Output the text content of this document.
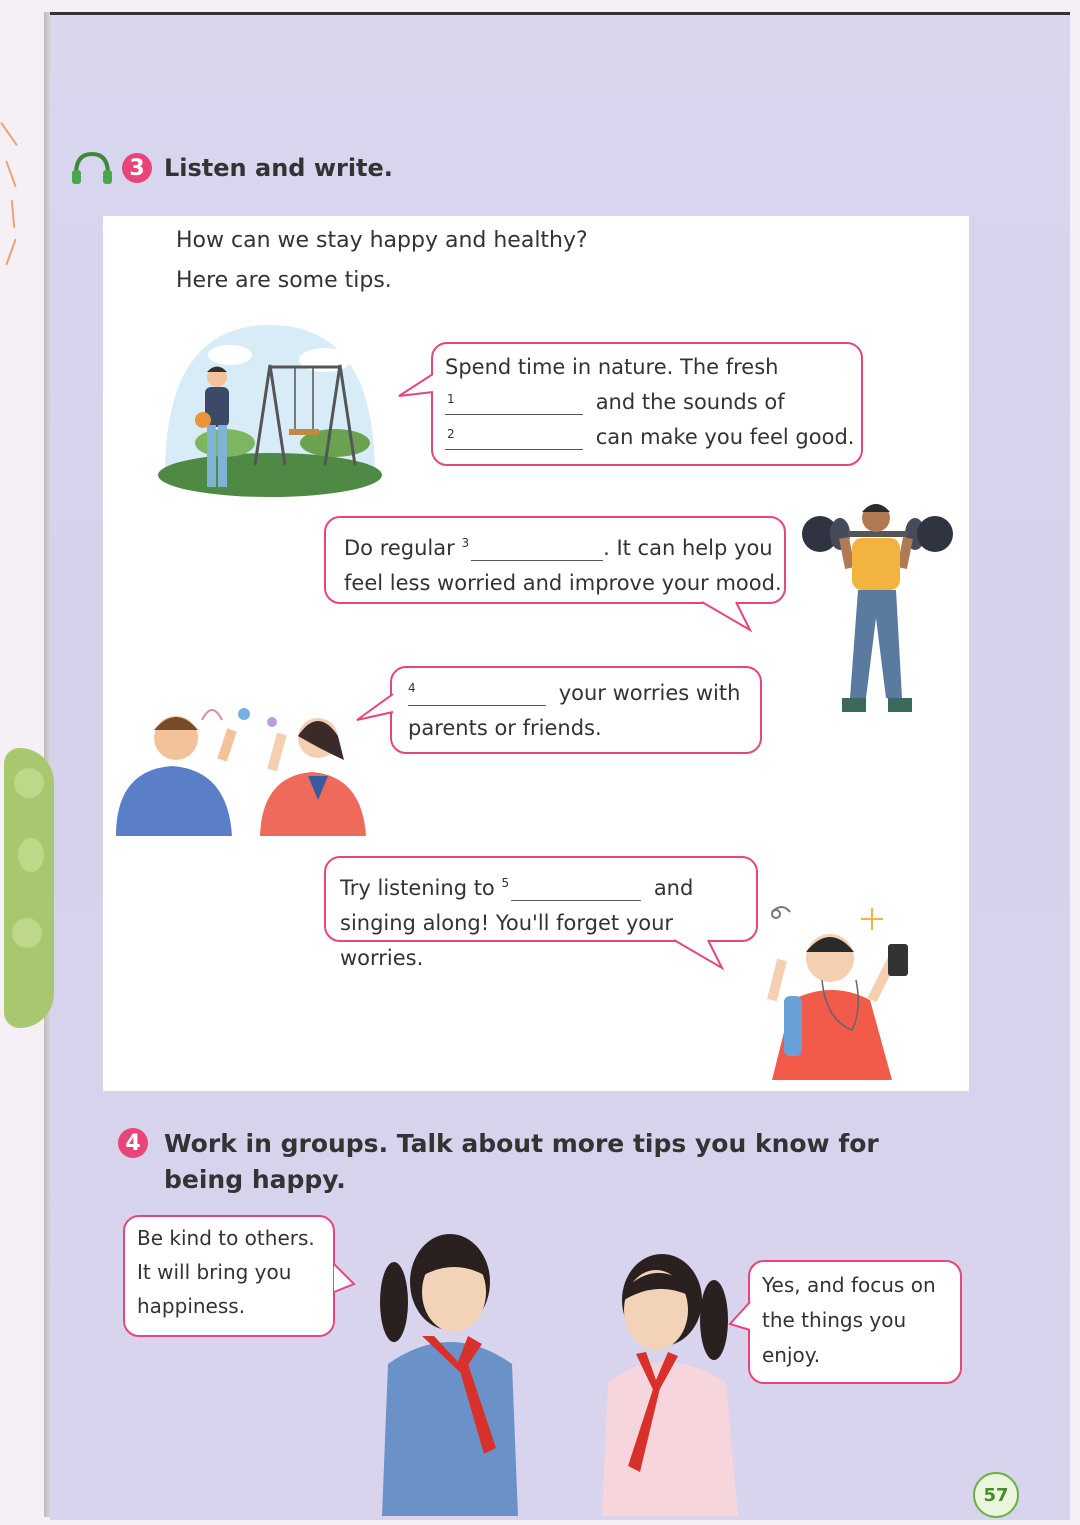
3 Listen and write.
How can we stay happy and healthy?
Here are some tips.
Spend time in nature. The fresh
1	and the sounds of
2	can make you feel good.
Do regular $^3$	. It can help you
feel less worried and improve your mood.
4	your worries with
parents or friends.
Try listening to $^5$	and
singing along! You'll forget your worries.
4 Work in groups. Talk about more tips you know for
being happy.
Be kind to others.
It will bring you
happiness.
Yes, and focus on
the things you
enjoy.
57
